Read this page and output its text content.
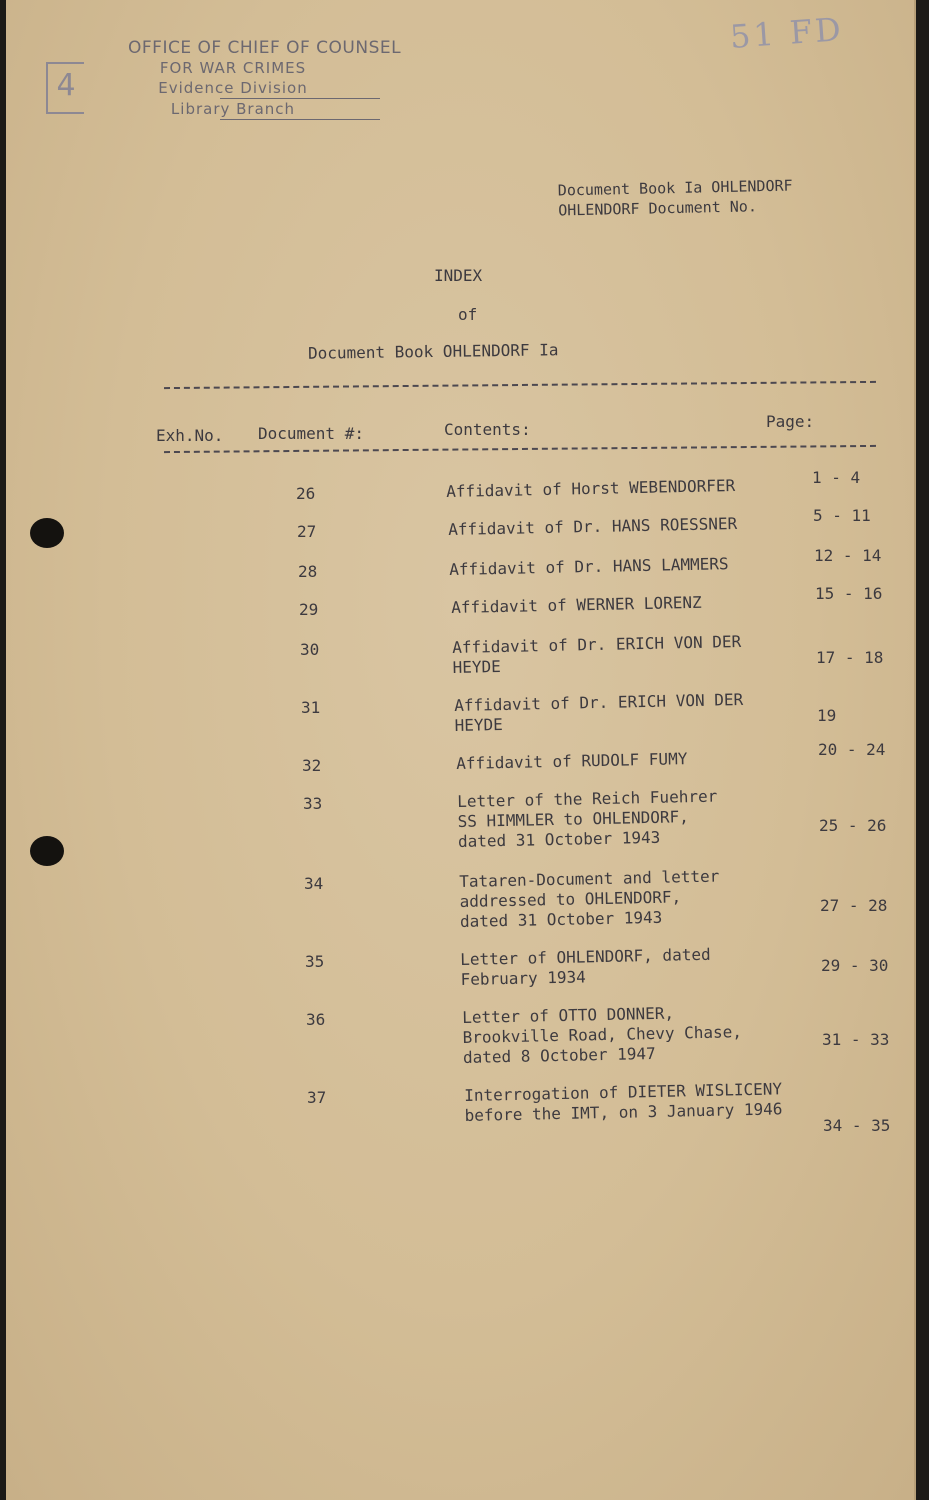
4
51 FD
OFFICE OF CHIEF OF COUNSEL
FOR WAR CRIMES
Evidence Division
Library Branch
Document Book Ia OHLENDORF
OHLENDORF Document No.
INDEX
of
Document Book OHLENDORF Ia
Exh.No. Document #:	Contents:	Page:
26	Affidavit of Horst WEBENDORFER	1 - 4
27	Affidavit of Dr. HANS ROESSNER	5 - 11
28	Affidavit of Dr. HANS LAMMERS	12 - 14
29	Affidavit of WERNER LORENZ	15 - 16
30	Affidavit of Dr. ERICH VON DER
HEYDE	17 - 18
31	Affidavit of Dr. ERICH VON DER
HEYDE	19
32	Affidavit of RUDOLF FUMY	20 - 24
33	Letter of the Reich Fuehrer
SS HIMMLER to OHLENDORF,
dated 31 October 1943
25 - 26
34	Tataren-Document and letter
addressed to OHLENDORF,
dated 31 October 1943
27 - 28
35	Letter of OHLENDORF, dated
February 1934
29 - 30
36	Letter of OTTO DONNER,
Brookville Road, Chevy Chase,
dated 8 October 1947
31 - 33
37	Interrogation of DIETER WISLICENY
before the IMT, on 3 January 1946
34 - 35
